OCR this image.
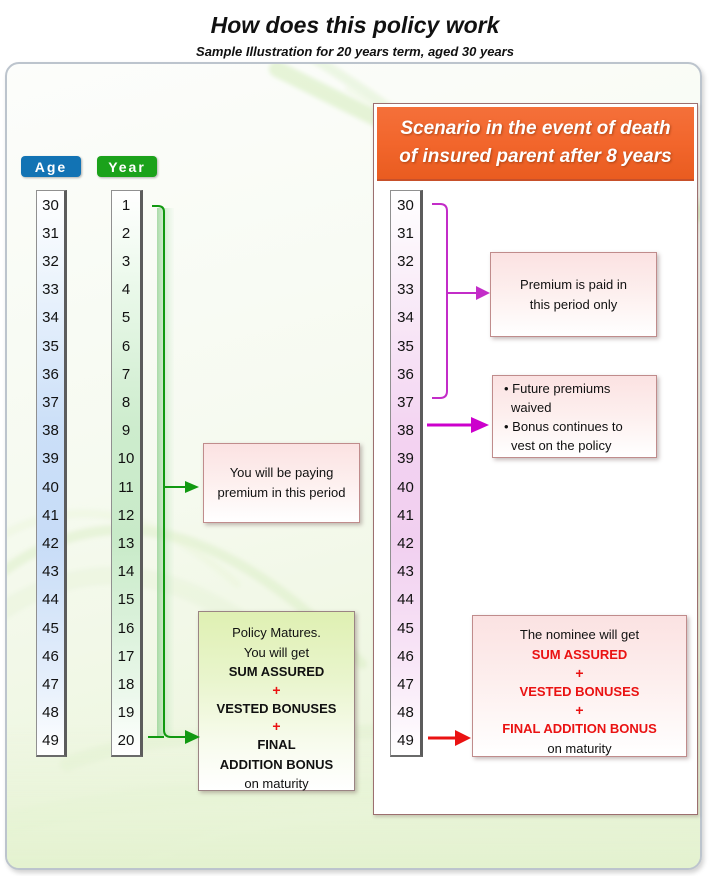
How does this policy work
Sample Illustration for 20 years term, aged 30 years
Scenario in the event of death
of insured parent after 8 years
Age	Year
30
31
32
33
34
35
36
37
38
39
40
41
42
43
44
45
46
47
48
49
1
2
3
4
5
6
7
8
9
10
11
12
13
14
15
16
17
18
19
20
30
31
32
33
34
35
36
37
38
39
40
41
42
43
44
45
46
47
48
49
You will be paying
premium in this period
Policy Matures.
You will get
SUM ASSURED
+
VESTED BONUSES
+
FINAL
ADDITION BONUS
on maturity
Premium is paid in
this period only
• Future premiums waived
• Bonus continues to vest on the policy
The nominee will get
SUM ASSURED
+
VESTED BONUSES
+
FINAL ADDITION BONUS
on maturity
